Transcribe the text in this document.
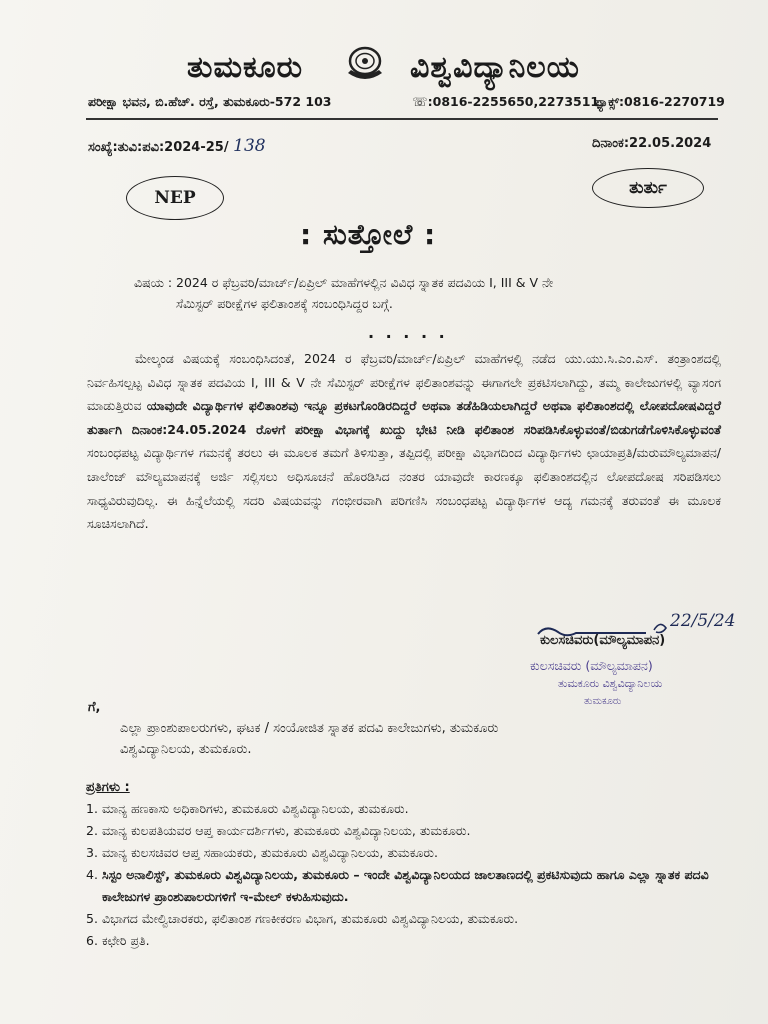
ತುಮಕೂರು	ವಿಶ್ವವಿದ್ಯಾನಿಲಯ
ಪರೀಕ್ಷಾ ಭವನ, ಬಿ.ಹೆಚ್. ರಸ್ತೆ, ತುಮಕೂರು-572 103	☏:0816-2255650,2273511
ಫ್ಯಾಕ್ಸ್:0816-2270719
ಸಂಖ್ಯೆ:ತುವಿ:ಪವಿ:2024-25/ 138	ದಿನಾಂಕ:22.05.2024
NEP	ತುರ್ತು
: ಸುತ್ತೋಲೆ :
ವಿಷಯ : 2024 ರ ಫೆಬ್ರವರಿ/ಮಾರ್ಚ್/ಏಪ್ರಿಲ್ ಮಾಹೆಗಳಲ್ಲಿನ ವಿವಿಧ ಸ್ನಾತಕ ಪದವಿಯ I, III & V ನೇ
ಸೆಮಿಸ್ಟರ್ ಪರೀಕ್ಷೆಗಳ ಫಲಿತಾಂಶಕ್ಕೆ ಸಂಬಂಧಿಸಿದ್ದರ ಬಗ್ಗೆ.
. . . . .
ಮೇಲ್ಕಂಡ ವಿಷಯಕ್ಕೆ ಸಂಬಂಧಿಸಿದಂತೆ, 2024 ರ ಫೆಬ್ರವರಿ/ಮಾರ್ಚ್/ಏಪ್ರಿಲ್ ಮಾಹೆಗಳಲ್ಲಿ ನಡೆದ ಯು.ಯು.ಸಿ.ಎಂ.ಎಸ್. ತಂತ್ರಾಂಶದಲ್ಲಿ ನಿರ್ವಹಿಸಲ್ಪಟ್ಟ ವಿವಿಧ ಸ್ನಾತಕ ಪದವಿಯ I, III & V ನೇ ಸೆಮಿಸ್ಟರ್ ಪರೀಕ್ಷೆಗಳ ಫಲಿತಾಂಶವನ್ನು ಈಗಾಗಲೇ ಪ್ರಕಟಿಸಲಾಗಿದ್ದು, ತಮ್ಮ ಕಾಲೇಜುಗಳಲ್ಲಿ ವ್ಯಾಸಂಗ ಮಾಡುತ್ತಿರುವ ಯಾವುದೇ ವಿದ್ಯಾರ್ಥಿಗಳ ಫಲಿತಾಂಶವು ಇನ್ನೂ ಪ್ರಕಟಗೊಂಡಿರದಿದ್ದರೆ ಅಥವಾ ತಡೆಹಿಡಿಯಲಾಗಿದ್ದರೆ ಅಥವಾ ಫಲಿತಾಂಶದಲ್ಲಿ ಲೋಪದೋಷವಿದ್ದರೆ ತುರ್ತಾಗಿ ದಿನಾಂಕ:24.05.2024 ರೊಳಗೆ ಪರೀಕ್ಷಾ ವಿಭಾಗಕ್ಕೆ ಖುದ್ದು ಭೇಟಿ ನೀಡಿ ಫಲಿತಾಂಶ ಸರಿಪಡಿಸಿಕೊಳ್ಳುವಂತೆ/ಬಿಡುಗಡೆಗೊಳಿಸಿಕೊಳ್ಳುವಂತೆ ಸಂಬಂಧಪಟ್ಟ ವಿದ್ಯಾರ್ಥಿಗಳ ಗಮನಕ್ಕೆ ತರಲು ಈ ಮೂಲಕ ತಮಗೆ ತಿಳಿಸುತ್ತಾ, ತಪ್ಪಿದಲ್ಲಿ ಪರೀಕ್ಷಾ ವಿಭಾಗದಿಂದ ವಿದ್ಯಾರ್ಥಿಗಳು ಛಾಯಾಪ್ರತಿ/ಮರುಮೌಲ್ಯಮಾಪನ/ಚಾಲೆಂಜ್ ಮೌಲ್ಯಮಾಪನಕ್ಕೆ ಅರ್ಜಿ ಸಲ್ಲಿಸಲು ಅಧಿಸೂಚನೆ ಹೊರಡಿಸಿದ ನಂತರ ಯಾವುದೇ ಕಾರಣಕ್ಕೂ ಫಲಿತಾಂಶದಲ್ಲಿನ ಲೋಪದೋಷ ಸರಿಪಡಿಸಲು ಸಾಧ್ಯವಿರುವುದಿಲ್ಲ. ಈ ಹಿನ್ನೆಲೆಯಲ್ಲಿ ಸದರಿ ವಿಷಯವನ್ನು ಗಂಭೀರವಾಗಿ ಪರಿಗಣಿಸಿ ಸಂಬಂಧಪಟ್ಟ ವಿದ್ಯಾರ್ಥಿಗಳ ಆದ್ಯ ಗಮನಕ್ಕೆ ತರುವಂತೆ ಈ ಮೂಲಕ ಸೂಚಿಸಲಾಗಿದೆ.
22/5/24
ಕುಲಸಚಿವರು(ಮೌಲ್ಯಮಾಪನ)
ಕುಲಸಚಿವರು (ಮೌಲ್ಯಮಾಪನ)
ತುಮಕೂರು ವಿಶ್ವವಿದ್ಯಾನಿಲಯ
ತುಮಕೂರು
ಗೆ,
ಎಲ್ಲಾ ಪ್ರಾಂಶುಪಾಲರುಗಳು, ಘಟಕ / ಸಂಯೋಜಿತ ಸ್ನಾತಕ ಪದವಿ ಕಾಲೇಜುಗಳು, ತುಮಕೂರು
ವಿಶ್ವವಿದ್ಯಾನಿಲಯ, ತುಮಕೂರು.
ಪ್ರತಿಗಳು :
1. ಮಾನ್ಯ ಹಣಕಾಸು ಅಧಿಕಾರಿಗಳು, ತುಮಕೂರು ವಿಶ್ವವಿದ್ಯಾನಿಲಯ, ತುಮಕೂರು.
2. ಮಾನ್ಯ ಕುಲಪತಿಯವರ ಆಪ್ತ ಕಾರ್ಯದರ್ಶಿಗಳು, ತುಮಕೂರು ವಿಶ್ವವಿದ್ಯಾನಿಲಯ, ತುಮಕೂರು.
3. ಮಾನ್ಯ ಕುಲಸಚಿವರ ಆಪ್ತ ಸಹಾಯಕರು, ತುಮಕೂರು ವಿಶ್ವವಿದ್ಯಾನಿಲಯ, ತುಮಕೂರು.
4. ಸಿಸ್ಟಂ ಅನಾಲಿಸ್ಟ್, ತುಮಕೂರು ವಿಶ್ವವಿದ್ಯಾನಿಲಯ, ತುಮಕೂರು – ಇಂದೇ ವಿಶ್ವವಿದ್ಯಾನಿಲಯದ ಜಾಲತಾಣದಲ್ಲಿ ಪ್ರಕಟಿಸುವುದು ಹಾಗೂ ಎಲ್ಲಾ ಸ್ನಾತಕ ಪದವಿ ಕಾಲೇಜುಗಳ ಪ್ರಾಂಶುಪಾಲರುಗಳಿಗೆ ಇ-ಮೇಲ್ ಕಳುಹಿಸುವುದು.
5. ವಿಭಾಗದ ಮೇಲ್ವಿಚಾರಕರು, ಫಲಿತಾಂಶ ಗಣಕೀಕರಣ ವಿಭಾಗ, ತುಮಕೂರು ವಿಶ್ವವಿದ್ಯಾನಿಲಯ, ತುಮಕೂರು.
6. ಕಛೇರಿ ಪ್ರತಿ.
